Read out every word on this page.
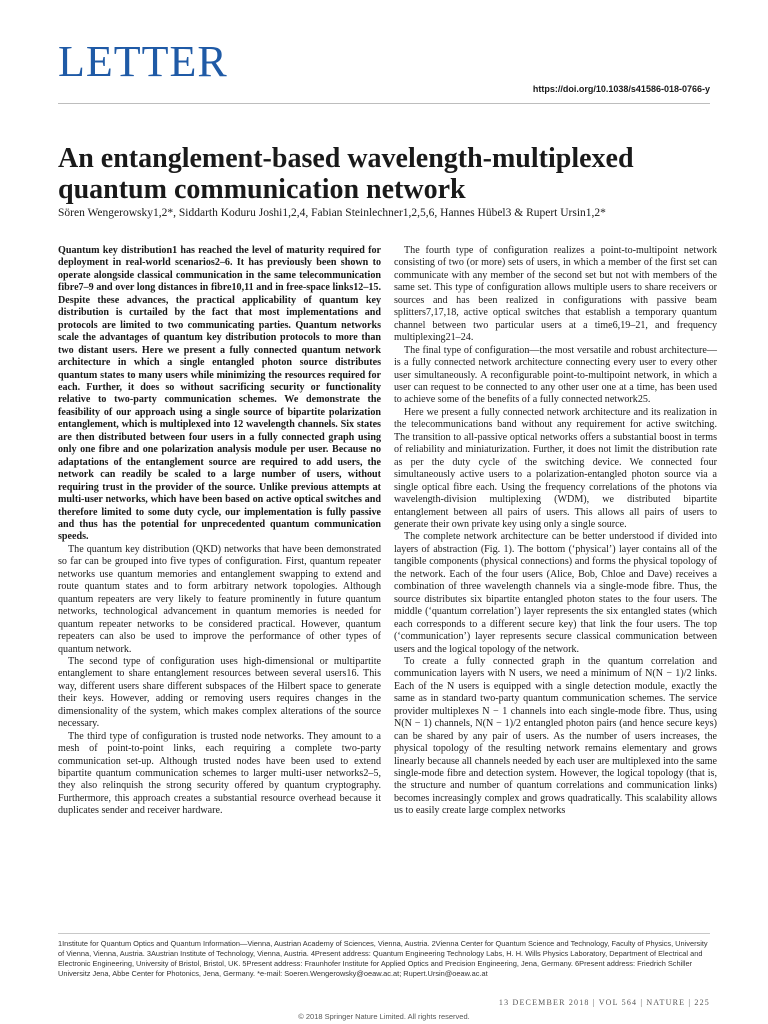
LETTER
https://doi.org/10.1038/s41586-018-0766-y
An entanglement-based wavelength-multiplexed
quantum communication network
Sören Wengerowsky1,2*, Siddarth Koduru Joshi1,2,4, Fabian Steinlechner1,2,5,6, Hannes Hübel3 & Rupert Ursin1,2*

Quantum key distribution1 has reached the level of maturity required for deployment in real-world scenarios2–6. It has previously been shown to operate alongside classical communication in the same telecommunication fibre7–9 and over long distances in fibre10,11 and in free-space links12–15. Despite these advances, the practical applicability of quantum key distribution is curtailed by the fact that most implementations and protocols are limited to two communicating parties. Quantum networks scale the advantages of quantum key distribution protocols to more than two distant users. Here we present a fully connected quantum network architecture in which a single entangled photon source distributes quantum states to many users while minimizing the resources required for each. Further, it does so without sacrificing security or functionality relative to two-party communication schemes. We demonstrate the feasibility of our approach using a single source of bipartite polarization entanglement, which is multiplexed into 12 wavelength channels. Six states are then distributed between four users in a fully connected graph using only one fibre and one polarization analysis module per user. Because no adaptations of the entanglement source are required to add users, the network can readily be scaled to a large number of users, without requiring trust in the provider of the source. Unlike previous attempts at multi-user networks, which have been based on active optical switches and therefore limited to some duty cycle, our implementation is fully passive and thus has the potential for unprecedented quantum communication speeds.

The quantum key distribution (QKD) networks that have been demonstrated so far can be grouped into five types of configuration. First, quantum repeater networks use quantum memories and entanglement swapping to extend and route quantum states and to form arbitrary network topologies. Although quantum repeaters are very likely to feature prominently in future quantum networks, technological advancement in quantum memories is needed for quantum repeater networks to be considered practical. However, quantum repeaters can also be used to improve the performance of other types of quantum network.

The second type of configuration uses high-dimensional or multipartite entanglement to share entanglement resources between several users16. This way, different users share different subspaces of the Hilbert space to generate their keys. However, adding or removing users requires changes in the dimensionality of the system, which makes complex alterations of the source necessary.

The third type of configuration is trusted node networks. They amount to a mesh of point-to-point links, each requiring a complete two-party communication set-up. Although trusted nodes have been used to extend bipartite quantum communication schemes to larger multi-user networks2–5, they also relinquish the strong security offered by quantum cryptography. Furthermore, this approach creates a substantial resource overhead because it duplicates sender and receiver hardware.

The fourth type of configuration realizes a point-to-multipoint network consisting of two (or more) sets of users, in which a member of the first set can communicate with any member of the second set but not with members of the same set. This type of configuration allows multiple users to share receivers or sources and has been realized in configurations with passive beam splitters7,17,18, active optical switches that establish a temporary quantum channel between two particular users at a time6,19–21, and frequency multiplexing21–24.

The final type of configuration—the most versatile and robust architecture—is a fully connected network architecture connecting every user to every other user simultaneously. A reconfigurable point-to-multipoint network, in which a user can request to be connected to any other user one at a time, has been used to achieve some of the benefits of a fully connected network25.

Here we present a fully connected network architecture and its realization in the telecommunications band without any requirement for active switching. The transition to all-passive optical networks offers a substantial boost in terms of reliability and miniaturization. Further, it does not limit the distribution rate as per the duty cycle of the switching device. We connected four simultaneously active users to a polarization-entangled photon source via a single optical fibre each. Using the frequency correlations of the photons via wavelength-division multiplexing (WDM), we distributed bipartite entanglement between all pairs of users. This allows all pairs of users to generate their own private key using only a single source.

The complete network architecture can be better understood if divided into layers of abstraction (Fig. 1). The bottom (‘physical’) layer contains all of the tangible components (physical connections) and forms the physical topology of the network. Each of the four users (Alice, Bob, Chloe and Dave) receives a combination of three wavelength channels via a single-mode fibre. Thus, the source distributes six bipartite entangled photon states to the four users. The middle (‘quantum correlation’) layer represents the six entangled states (which each corresponds to a different secure key) that link the four users. The top (‘communication’) layer represents secure classical communication between users and the logical topology of the network.

To create a fully connected graph in the quantum correlation and communication layers with N users, we need a minimum of N(N − 1)/2 links. Each of the N users is equipped with a single detection module, exactly the same as in standard two-party quantum communication schemes. The service provider multiplexes N − 1 channels into each single-mode fibre. Thus, using N(N − 1) channels, N(N − 1)/2 entangled photon pairs (and hence secure keys) can be shared by any pair of users. As the number of users increases, the physical topology of the resulting network remains elementary and grows linearly because all channels needed by each user are multiplexed into the same single-mode fibre and detection system. However, the logical topology (that is, the structure and number of quantum correlations and communication links) becomes increasingly complex and grows quadratically. This scalability allows us to easily create large complex networks

1Institute for Quantum Optics and Quantum Information—Vienna, Austrian Academy of Sciences, Vienna, Austria. 2Vienna Center for Quantum Science and Technology, Faculty of Physics, University of Vienna, Vienna, Austria. 3Austrian Institute of Technology, Vienna, Austria. 4Present address: Quantum Engineering Technology Labs, H. H. Wills Physics Laboratory, Department of Electrical and Electronic Engineering, University of Bristol, Bristol, UK. 5Present address: Fraunhofer Institute for Applied Optics and Precision Engineering, Jena, Germany. 6Present address: Friedrich Schiller Universitz Jena, Abbe Center for Photonics, Jena, Germany. *e-mail: Soeren.Wengerowsky@oeaw.ac.at; Rupert.Ursin@oeaw.ac.at
13 DECEMBER 2018 | VOL 564 | NATURE | 225
© 2018 Springer Nature Limited. All rights reserved.
